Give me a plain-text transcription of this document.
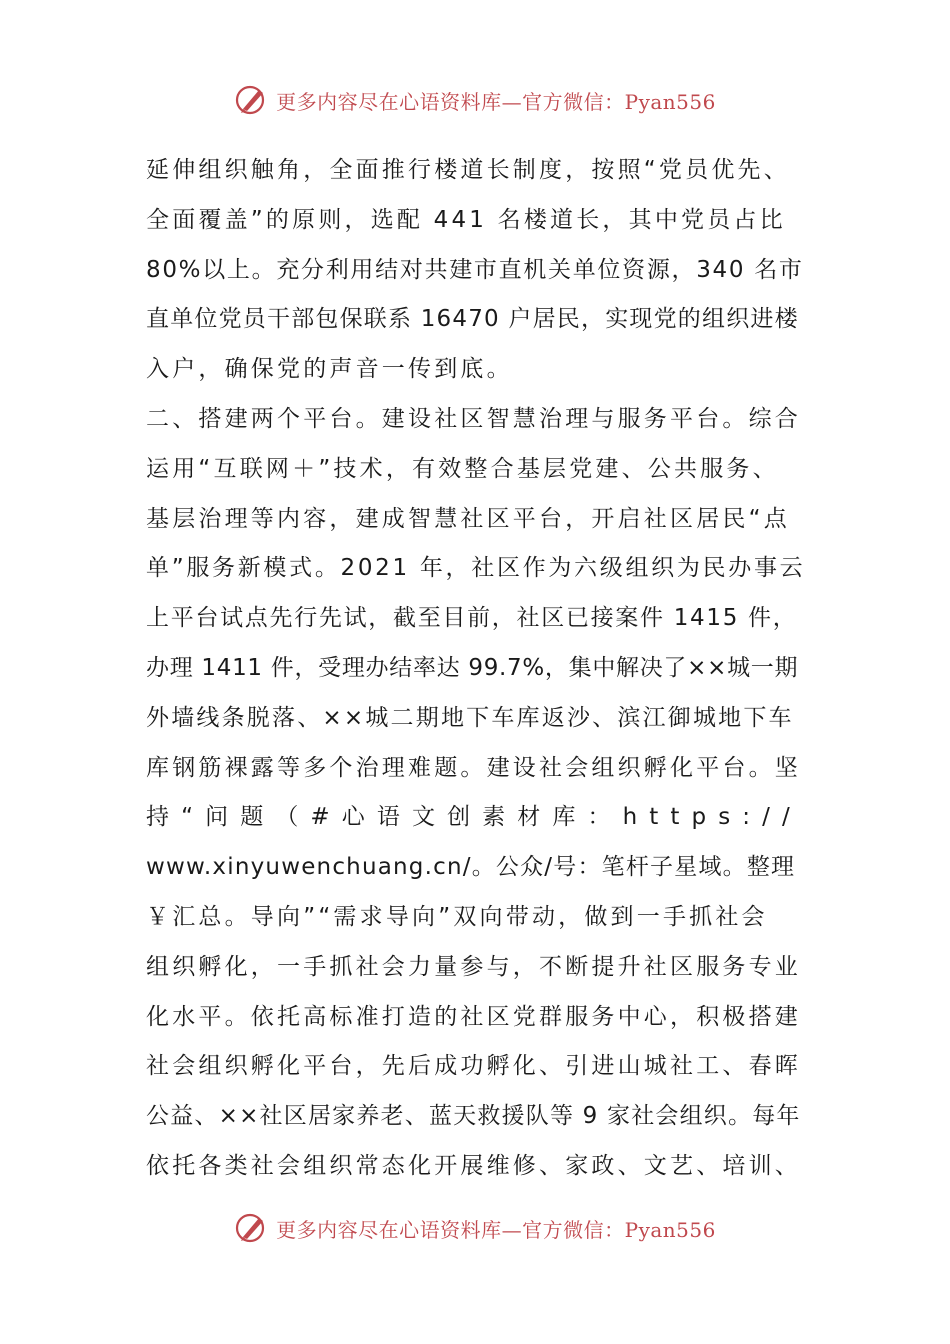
更多内容尽在心语资料库—官方微信：Pyan556

延伸组织触角，全面推行楼道长制度，按照“党员优先、

全面覆盖”的原则，选配 441 名楼道长，其中党员占比

80%以上。充分利用结对共建市直机关单位资源，340 名市

直单位党员干部包保联系 16470 户居民，实现党的组织进楼

入户，确保党的声音一传到底。

二、搭建两个平台。建设社区智慧治理与服务平台。综合

运用“互联网＋”技术，有效整合基层党建、公共服务、

基层治理等内容，建成智慧社区平台，开启社区居民“点

单”服务新模式。2021 年，社区作为六级组织为民办事云

上平台试点先行先试，截至目前，社区已接案件 1415 件，

办理 1411 件，受理办结率达 99.7%，集中解决了××城一期

外墙线条脱落、××城二期地下车库返沙、滨江御城地下车

库钢筋裸露等多个治理难题。建设社会组织孵化平台。坚

持“问题（#心语文创素材库：https://

www.xinyuwenchuang.cn/。公众/号：笔杆子星域。整理

￥汇总。导向”“需求导向”双向带动，做到一手抓社会

组织孵化，一手抓社会力量参与，不断提升社区服务专业

化水平。依托高标准打造的社区党群服务中心，积极搭建

社会组织孵化平台，先后成功孵化、引进山城社工、春晖

公益、××社区居家养老、蓝天救援队等 9 家社会组织。每年

依托各类社会组织常态化开展维修、家政、文艺、培训、

更多内容尽在心语资料库—官方微信：Pyan556
